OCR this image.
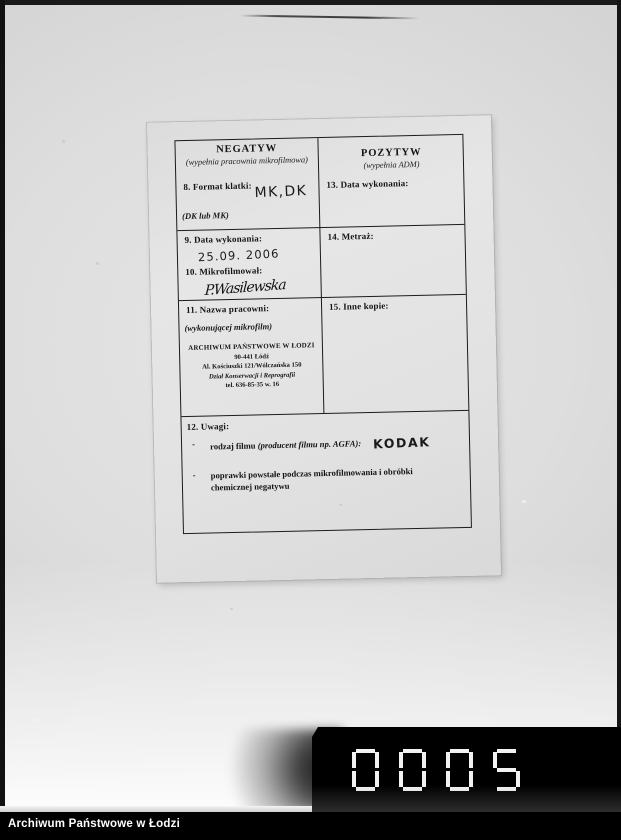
NEGATYW
(wypełnia pracownia mikrofilmowa)
POZYTYW
(wypełnia ADM)
8. Format klatki: MK,DK
(DK lub MK)
13. Data wykonania:
9. Data wykonania:
25.09. 2006
10. Mikrofilmował:
P.Wasilewska
14. Metraż:
11. Nazwa pracowni:
(wykonującej mikrofilm)
ARCHIWUM PAŃSTWOWE W ŁODZI
90-441 Łódź
Al. Kościuszki 121/Wólczańska 150
Dział Konserwacji i Reprografii
tel. 636-85-35 w. 16
15. Inne kopie:
12. Uwagi:
- rodzaj filmu (producent filmu np. AGFA): KODAK
- poprawki powstałe podczas mikrofilmowania i obróbki chemicznej negatywu
Archiwum Państwowe w Łodzi
